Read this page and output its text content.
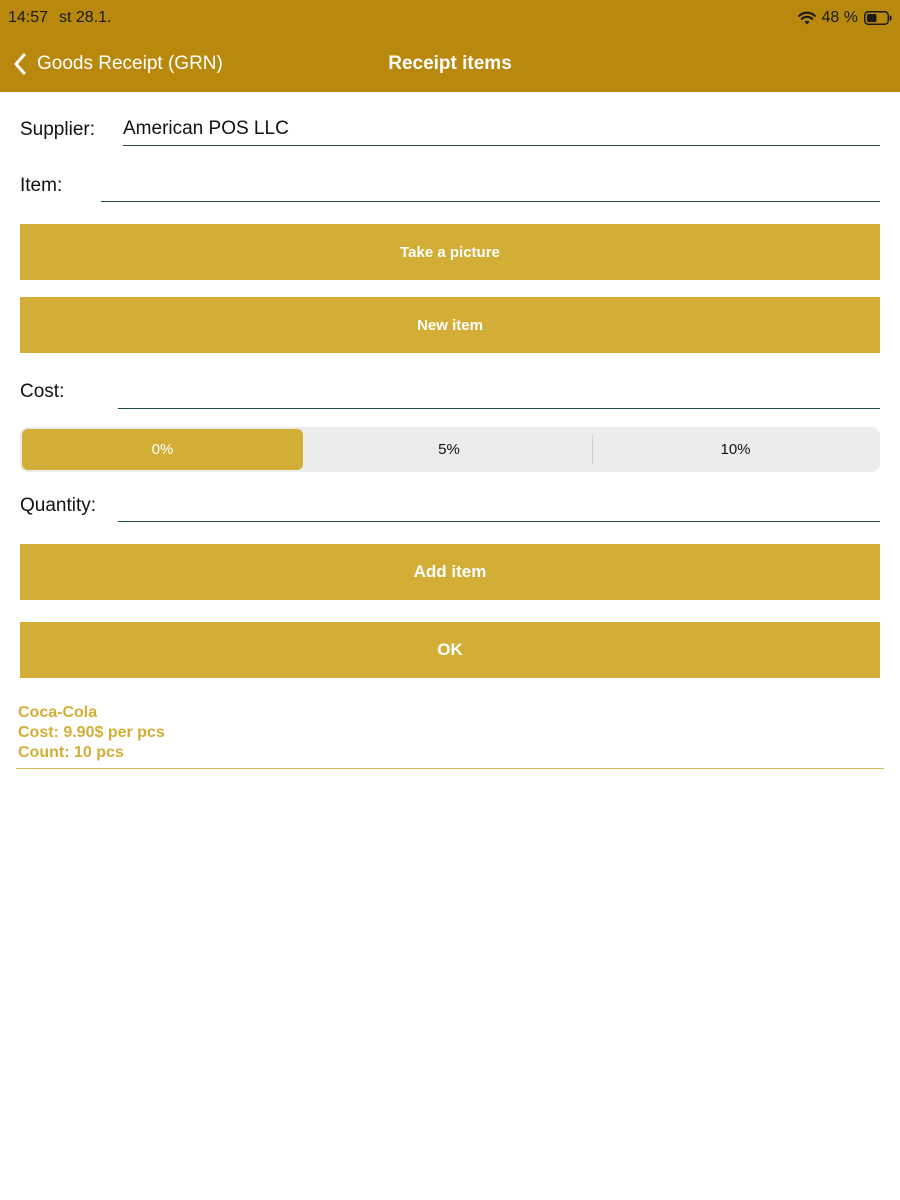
14:57 st 28.1.	48 %
Goods Receipt (GRN)	Receipt items
Supplier:
American POS LLC
Item:
Take a picture
New item
Cost:
0%	5%	10%
Quantity:
Add item
OK
Coca-Cola
Cost: 9.90$ per pcs
Count: 10 pcs
